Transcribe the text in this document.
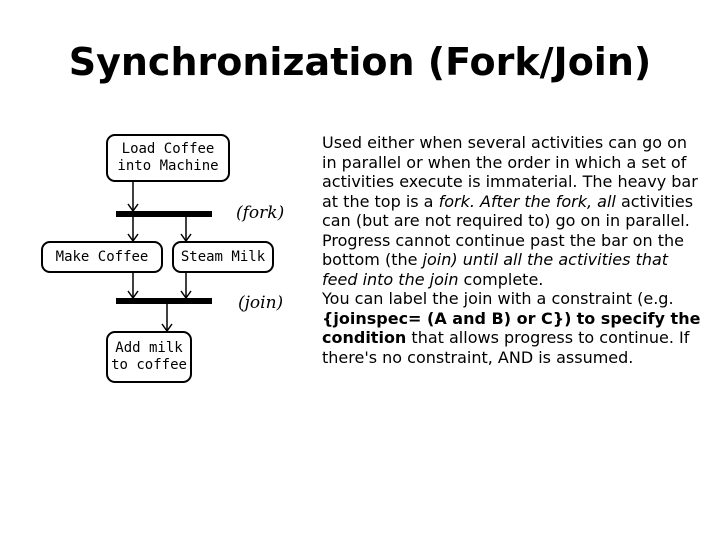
Synchronization (Fork/Join)
Load Coffee
into Machine
Make Coffee	Steam Milk
Add milk
to coffee
(fork)
(join)

Used either when several activities can go on in parallel or when the order in which a set of activities execute is immaterial. The heavy bar at the top is a fork. After the fork, all activities can (but are not required to) go on in parallel. Progress cannot continue past the bar on the bottom (the join) until all the activities that feed into the join complete.

You can label the join with a constraint (e.g. {joinspec= (A and B) or C}) to specify the condition that allows progress to continue. If there's no constraint, AND is assumed.
